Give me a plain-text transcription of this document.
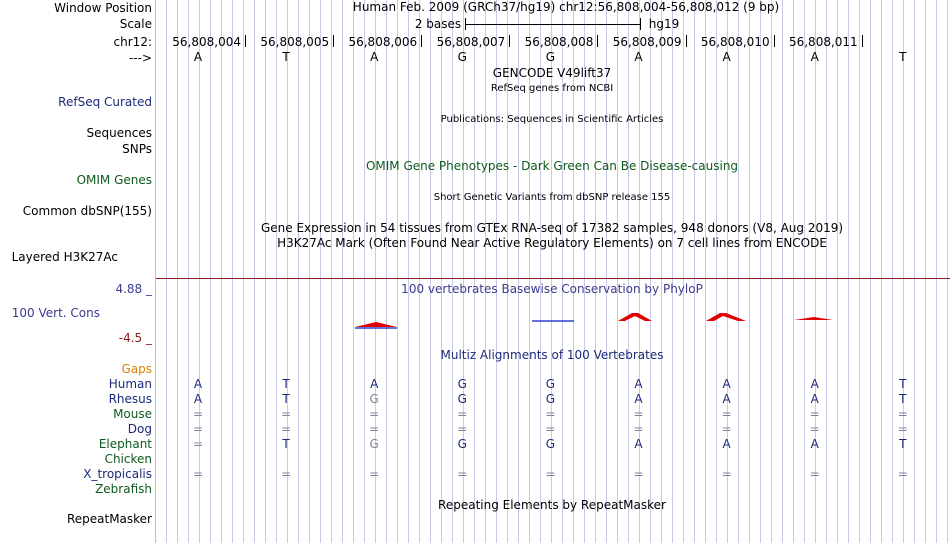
Window Position
Scale
chr12:
--->
RefSeq Curated
Sequences
SNPs
OMIM Genes
Common dbSNP(155)
Layered H3K27Ac
4.88 _
100 Vert. Cons
-4.5 _
Gaps
RepeatMasker
Human Feb. 2009 (GRCh37/hg19) chr12:56,808,004-56,808,012 (9 bp)
2 bases	hg19
56,808,004 56,808,005 56,808,006 56,808,007 56,808,008 56,808,009 56,808,010 56,808,011
A	T	A	G	G	A	A	A	T
GENCODE V49lift37
RefSeq genes from NCBI
Publications: Sequences in Scientific Articles
OMIM Gene Phenotypes - Dark Green Can Be Disease-causing
Short Genetic Variants from dbSNP release 155
Gene Expression in 54 tissues from GTEx RNA-seq of 17382 samples, 948 donors (V8, Aug 2019)
H3K27Ac Mark (Often Found Near Active Regulatory Elements) on 7 cell lines from ENCODE
100 vertebrates Basewise Conservation by PhyloP
Multiz Alignments of 100 Vertebrates
Human	A	T	A	G	G	A	A	A	T
Rhesus	A	T	G	G	G	A	A	A	T
Mouse	=	=	=	=	=	=	=	=	=
Dog	=	=	=	=	=	=	=	=	=
Elephant	=	T	G	G	G	A	A	A	T
Chicken
X_tropicalis	=	=	=	=	=	=	=	=	=
Zebrafish
Repeating Elements by RepeatMasker
